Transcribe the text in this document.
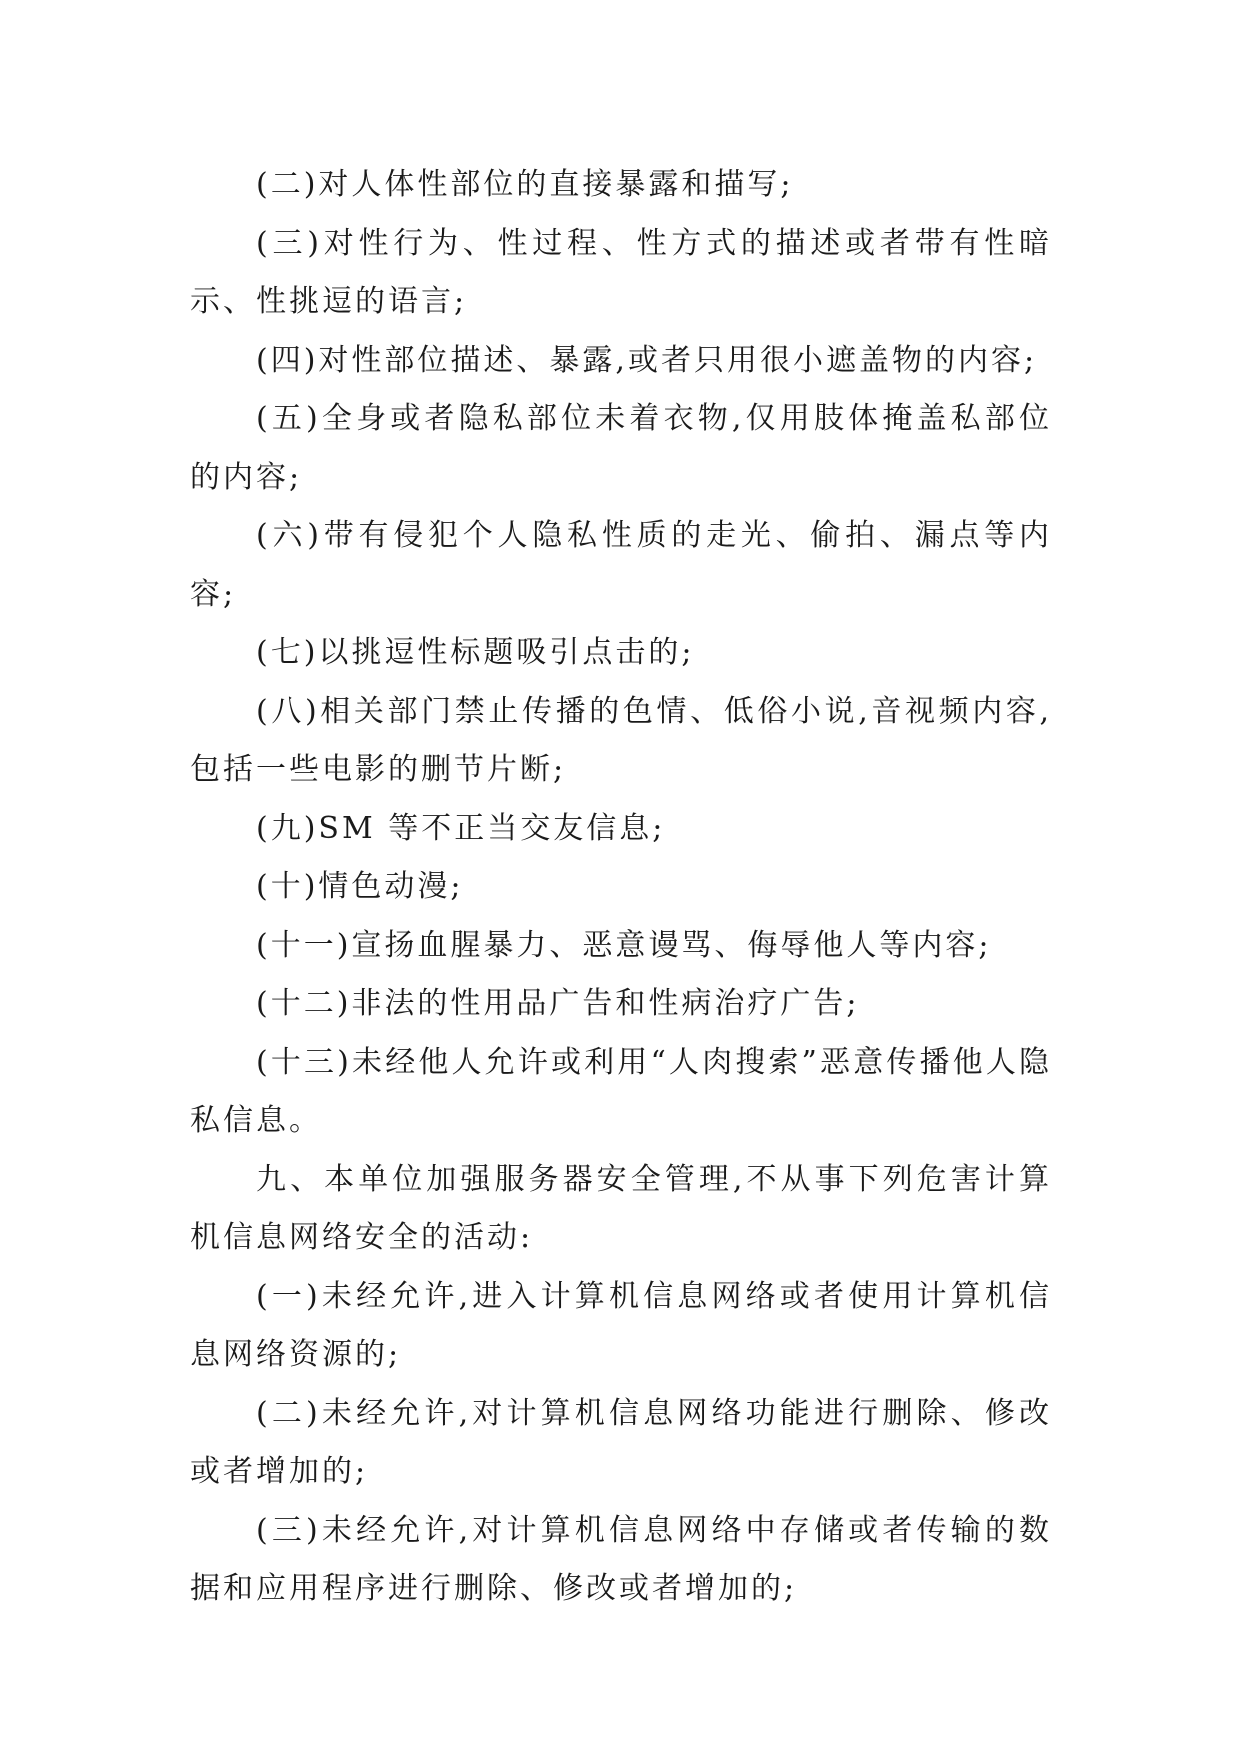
(二)对人体性部位的直接暴露和描写;

(三)对性行为、性过程、性方式的描述或者带有性暗示、性挑逗的语言;

(四)对性部位描述、暴露,或者只用很小遮盖物的内容;

(五)全身或者隐私部位未着衣物,仅用肢体掩盖私部位的内容;

(六)带有侵犯个人隐私性质的走光、偷拍、漏点等内容;

(七)以挑逗性标题吸引点击的;

(八)相关部门禁止传播的色情、低俗小说,音视频内容,包括一些电影的删节片断;

(九)SM 等不正当交友信息;

(十)情色动漫;

(十一)宣扬血腥暴力、恶意谩骂、侮辱他人等内容;

(十二)非法的性用品广告和性病治疗广告;

(十三)未经他人允许或利用“人肉搜索”恶意传播他人隐私信息。

九、本单位加强服务器安全管理,不从事下列危害计算机信息网络安全的活动:

(一)未经允许,进入计算机信息网络或者使用计算机信息网络资源的;

(二)未经允许,对计算机信息网络功能进行删除、修改或者增加的;

(三)未经允许,对计算机信息网络中存储或者传输的数据和应用程序进行删除、修改或者增加的;
